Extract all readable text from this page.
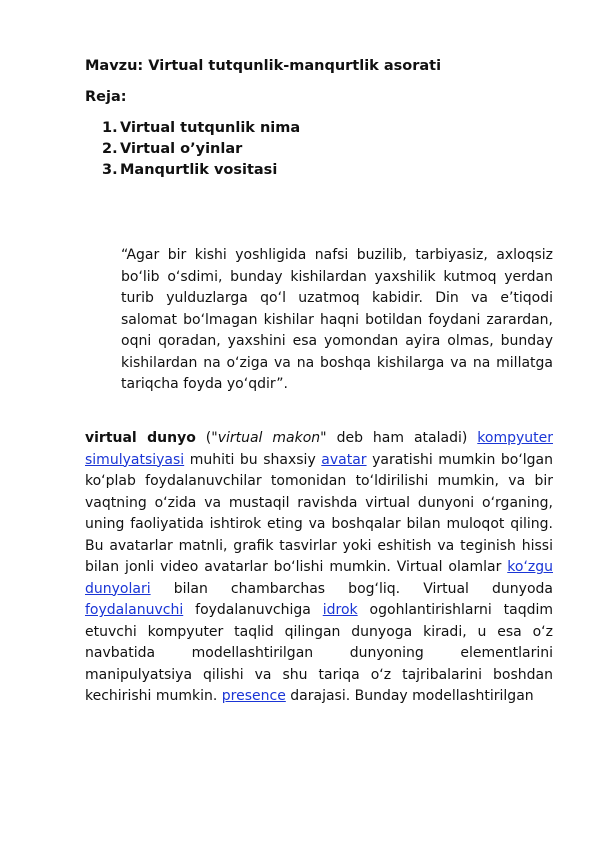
Mavzu: Virtual tutqunlik-manqurtlik asorati
Reja:
1. Virtual tutqunlik nima
2. Virtual o’yinlar
3. Manqurtlik vositasi

“Agar bir kishi yoshligida nafsi buzilib, tarbiyasiz, axloqsiz bo‘lib o‘sdimi, bunday kishilardan yaxshilik kutmoq yerdan turib yulduzlarga qo‘l uzatmoq kabidir. Din va e’tiqodi salomat bo‘lmagan kishilar haqni botildan foydani zarardan, oqni qoradan, yaxshini esa yomondan ayira olmas, bunday kishilardan na o‘ziga va na boshqa kishilarga va na millatga tariqcha foyda yo‘qdir”.

virtual dunyo ("virtual makon" deb ham ataladi) kompyuter simulyatsiyasi muhiti bu shaxsiy avatar yaratishi mumkin bo‘lgan ko‘plab foydalanuvchilar tomonidan to‘ldirilishi mumkin, va bir vaqtning o‘zida va mustaqil ravishda virtual dunyoni o‘rganing, uning faoliyatida ishtirok eting va boshqalar bilan muloqot qiling. Bu avatarlar matnli, grafik tasvirlar yoki eshitish va teginish hissi bilan jonli video avatarlar bo‘lishi mumkin. Virtual olamlar ko‘zgu dunyolari bilan chambarchas bog‘liq. Virtual dunyoda foydalanuvchi foydalanuvchiga idrok ogohlantirishlarni taqdim etuvchi kompyuter taqlid qilingan dunyoga kiradi, u esa o‘z navbatida modellashtirilgan dunyoning elementlarini manipulyatsiya qilishi va shu tariqa o‘z tajribalarini boshdan kechirishi mumkin. presence darajasi. Bunday modellashtirilgan
